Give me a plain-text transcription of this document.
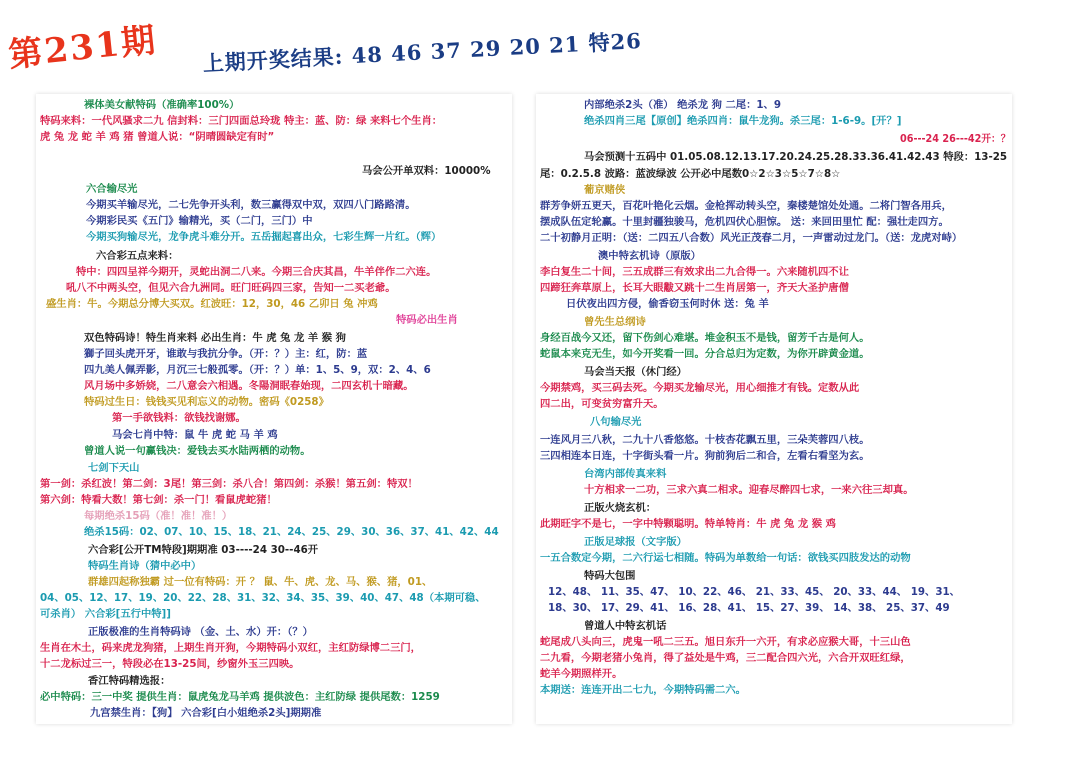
第231期 上期开奖结果: 48 46 37 29 20 21 特26
裸体美女献特码（准确率100%）
特码来料：一代风骚求二九 信封料：三门四面总玲珑 特主：蓝、防：绿 来料七个生肖：
虎 兔 龙 蛇 羊 鸡 猪 曾道人说：“阴晴圆缺定有时”
马会公开单双料：10000%
六合输尽光
今期买羊输尽光，二七先争开头利，数三赢得双中双，双四八门路路清。
今期彩民买《五门》输精光，买（二门，三门）中
今期买狗输尽光，龙争虎斗难分开。五岳掘起喜出众，七彩生辉一片红。（辉）
六合彩五点来料：
特中：四四呈祥今期开，灵蛇出洞二八来。今期三合庆其昌，牛羊伴作二六连。
吼八不中两头空，但见六合九洲同。旺门旺码四三家，告知一二买老爺。
盛生肖：牛。今期总分博大买双。红波旺：12，30，46 乙卯日 兔 冲鸡
特码必出生肖
双色特码诗！特生肖来料 必出生肖：牛 虎 兔 龙 羊 猴 狗
獅子回头虎开牙，谁敢与我抗分争。（开：？）主：红，防：蓝
四九美人佩弄影，月沉三七般孤零。（开：？）单：1、5、9，双：2、4、6
风月场中多娇娆，二八意会六相遇。冬陽洞眠春始现，二四玄机十暗藏。
特码过生日：钱钱买见利忘义的动物。密码《0258》
第一手欲钱料：欲钱找谢娜。
马会七肖中特：鼠 牛 虎 蛇 马 羊 鸡
曾道人说一句赢钱决：爱钱去买水陆两栖的动物。
七剑下天山
第一剑：杀红波！第二剑：3尾！第三剑：杀八合！第四剑：杀猴！第五剑：特双！
第六剑：特看大数！第七剑：杀一门！看鼠虎蛇猪！
每期绝杀15码（准！准！准！）
绝杀15码：02、07、10、15、18、21、24、25、29、30、36、37、41、42、44
六合彩[公开TM特段]期期准 03----24 30--46开
特码生肖诗（猜中必中）
群雄四起称独霸 过一位有特码：开 ？ 鼠、牛、虎、龙、马、猴、猪，01、
04、05、12、17、19、20、22、28、31、32、34、35、39、40、47、48（本期可稳、
可杀肖） 六合彩[五行中特]]
正版极准的生肖特码诗 （金、土、水）开：（？）
生肖在木土，码来虎龙狗猪，上期生肖开狗，今期特码小双红，主红防绿博二三门，
十二龙标过三一，特段必在13-25间，纱窗外玉三四映。
香江特码精选报：
必中特码：三一中奖 提供生肖：鼠虎兔龙马羊鸡 提供波色：主红防绿 提供尾数：1259
九宫禁生肖：【狗】 六合彩[白小姐绝杀2头]期期准
内部绝杀2头（准） 绝杀龙 狗 二尾：1、9
绝杀四肖三尾【原创】绝杀四肖：鼠牛龙狗。杀三尾：1-6-9。[开？]
06---24 26---42开：？
马会预测十五码中 01.05.08.12.13.17.20.24.25.28.33.36.41.42.43 特段：13-25
尾：0.2.5.8 波路：蓝波绿波 公开必中尾数0☆2☆3☆5☆7☆8☆
葡京赌侠
群芳争妍五更天，百花叶艳化云烟。金枪挥动转头空，秦楼楚馆处处通。二将门智各用兵，
摆成队伍定轮赢。十里封疆独骏马，危机四伏心胆惊。 送：来回田里忙 配：强壮走四方。
二十初静月正明：（送：二四五八合数）风光正茂春二月，一声雷动过龙门。（送：龙虎对峙）
澳中特玄机诗（原版）
李白复生二十间，三五成群三有效求出二九合得一。六来随机四不让
四蹄狂奔草原上，长耳大眼黻又跳十二生肖居第一，齐天大圣护唐僧
日伏夜出四方侵，偷香窃玉何时休 送：兔 羊
曾先生总纲诗
身经百战今又还，留下伤剑心难堪。堆金积玉不是钱，留芳千古是何人。
蛇鼠本来克无生，如今开奖看一回。分合总归为定数，为你开辟黄金道。
马会当天报（休门经）
今期禁鸡，买三码去死。今期买龙输尽光，用心细推才有钱。定数从此
四二出，可变贫穷富升天。
八句输尽光
一连风月三八秋，二九十八香悠悠。十枝杏花飘五里，三朵芙蓉四八枝。
三四相连本日连，十字街头看一片。狗前狗后二和合，左看右看坚为玄。
台湾内部传真来料
十方相求一二功，三求六真二相求。迎春尽醉四七求，一来六往三却真。
正版火烧玄机：
此期旺字不是七，一字中特颗聪明。特单特肖：牛 虎 兔 龙 猴 鸡
正版足球报（文字版）
一五合数定今期，二六行运七相随。特码为单数给一句话：欲钱买四肢发达的动物
特码大包围
12、48、 11、35、47、 10、22、46、 21、33、45、 20、33、44、 19、31、
18、30、 17、29、41、 16、28、41、 15、27、39、 14、38、 25、37、49
曾道人中特玄机话
蛇尾成八头向三，虎鬼一吼二三五。旭日东升一六开，有求必应猴大哥，十三山色
二九看，今期老猪小兔肖，得了益处是牛鸡，三二配合四六光，六合开双旺红绿，
蛇羊今期照样开。
本期送：连连开出二七九，今期特码需二六。
